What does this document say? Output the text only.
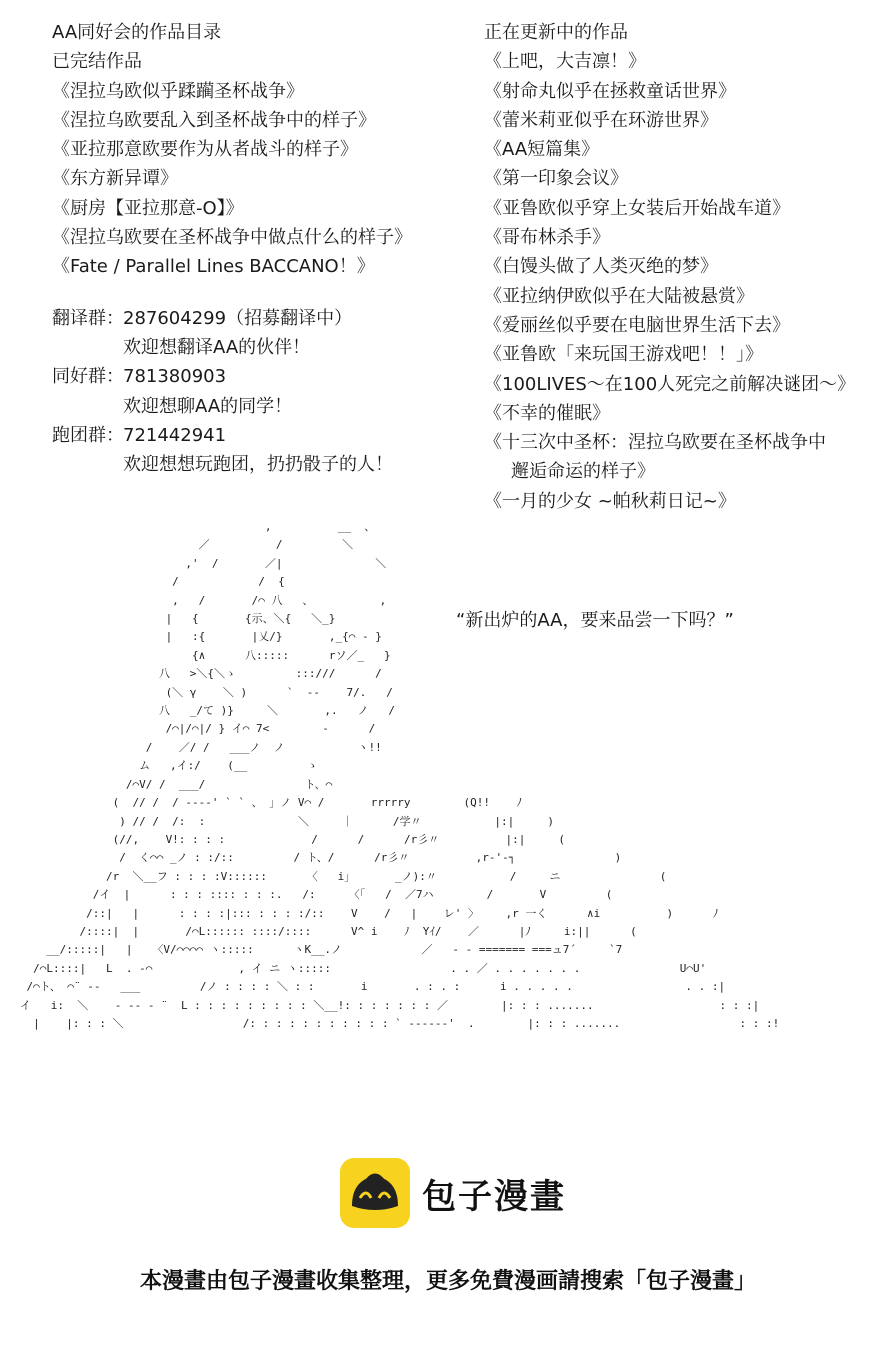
AA同好会的作品目录
已完结作品
《涅拉乌欧似乎蹂躏圣杯战争》
《涅拉乌欧要乱入到圣杯战争中的样子》
《亚拉那意欧要作为从者战斗的样子》
《东方新异谭》
《厨房【亚拉那意-O】》
《涅拉乌欧要在圣杯战争中做点什么的样子》
《Fate / Parallel Lines BACCANO！》
翻译群：287604299（招募翻译中）
欢迎想翻译AA的伙伴！
同好群：781380903
欢迎想聊AA的同学！
跑团群：721442941
欢迎想想玩跑团，扔扔骰子的人！
正在更新中的作品
《上吧，大吉凛！》
《射命丸似乎在拯救童话世界》
《蕾米莉亚似乎在环游世界》
《AA短篇集》
《第一印象会议》
《亚鲁欧似乎穿上女装后开始战车道》
《哥布林杀手》
《白馒头做了人类灭绝的梦》
《亚拉纳伊欧似乎在大陆被悬赏》
《爱丽丝似乎要在电脑世界生活下去》
《亚鲁欧「来玩国王游戏吧！！」》
《100LIVES～在100人死完之前解决谜团～》
《不幸的催眠》
《十三次中圣杯：涅拉乌欧要在圣杯战争中
邂逅命运的样子》
《一月的少女 ~帕秋莉日记~》
,          __  、
／          /         ＼
,'  /       ／|              ＼
/            /  {
,   /       /⌒ 八   、          ,
|   {       {示、＼{   ＼_}
|   :{       |乂/}       ,_{⌒ ‐ }
{∧      八:::::      rソ／_   }
八   >＼{＼ゝ         :::///      /
(＼ γ    ＼ )      `  --    7/.   /
八   _/て )}     ＼       ,.   ノ   /
/⌒|/⌒|/ } イ⌒ 7<        -      /
/    ／/ /   ___ノ  ノ           ヽ!!
ム   ,イ:/    (__         ゝ
/⌒V/ /  ___/               ト、⌒
(  // /  / ‐‐‐‐' ` ` 、 」ノ V⌒ /       rrrrry        (Q!!    ﾉ
) // /  /:  :              ＼     ｜      /学〃           |:|     )
(//,    V!: : : :             /      /      /r彡〃          |:|     (
/  く⌒⌒ _ノ : :/::         / ト、/      /r彡〃          ,r‐'‐┐               )
/r  ＼__フ : : : :V::::::      〈   i」      _ノ):〃           /     ニ               (
/イ  |      : : : :::: : : :.   /:     〈「   /  ／7ハ        /       V         (
/::|   |      : : : :|::: : : : :/::    V    /   |    レ' 〉    ,r 一く      ∧i          )      ﾉ
/::::|  |       /⌒L:::::: ::::/::::      V^ i    ﾉ  Yｲ/    ／      |ﾉ     i:||      (
__/:::::|   |   〈V/⌒⌒⌒⌒ ヽ:::::      ヽK__.ノ            ／   ‐ ‐ ======= ===ュ7´     `7
/⌒L::::|   L  . ‐⌒             , イ ニ ヽ:::::                  . . ／ . . . . . . .               U⌒U'
/⌒ト、 ⌒¨ ‐‐   ___         /ノ : : : : ＼ : :       i       . : . :      i . . . . .                 . . :|
イ   i:  ＼    ‐ ‐‐ ‐ ¨  L : : : : : : : : : ＼__!: : : : : : : ／        |: : : .......                   : : :|
|    |: : : ＼                  /: : : : : : : : : : : ` ‐‐‐‐‐‐'  .        |: : : .......                  : : :!
“新出炉的AA，要来品尝一下吗？”
包子漫畫
本漫畫由包子漫畫收集整理，更多免費漫画請搜索「包子漫畫」
